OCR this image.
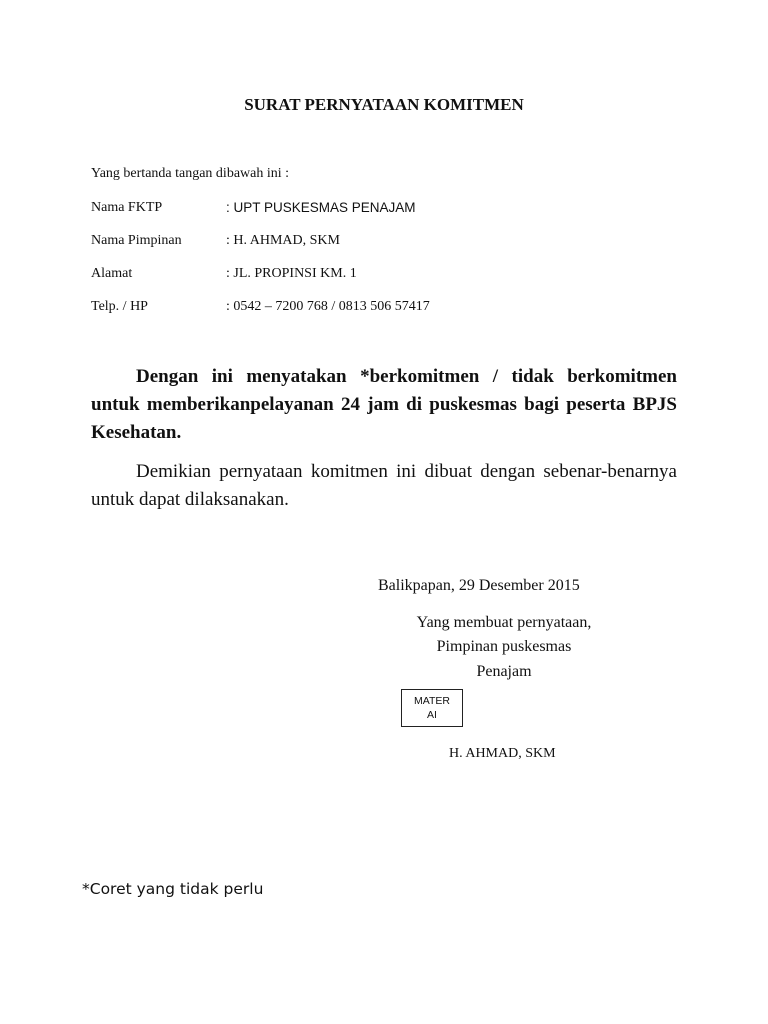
SURAT PERNYATAAN KOMITMEN
Yang bertanda tangan dibawah ini :
Nama FKTP	: UPT PUSKESMAS PENAJAM
Nama Pimpinan	: H. AHMAD, SKM
Alamat	: JL. PROPINSI KM. 1
Telp. / HP	: 0542 – 7200 768 / 0813 506 57417

Dengan ini menyatakan *berkomitmen / tidak berkomitmen untuk memberikanpelayanan 24 jam di puskesmas bagi peserta BPJS Kesehatan.

Demikian pernyataan komitmen ini dibuat dengan sebenar-benarnya untuk dapat dilaksanakan.

Balikpapan, 29 Desember 2015
Yang membuat pernyataan,
Pimpinan puskesmas
Penajam
MATER
AI
H. AHMAD, SKM
*Coret yang tidak perlu
